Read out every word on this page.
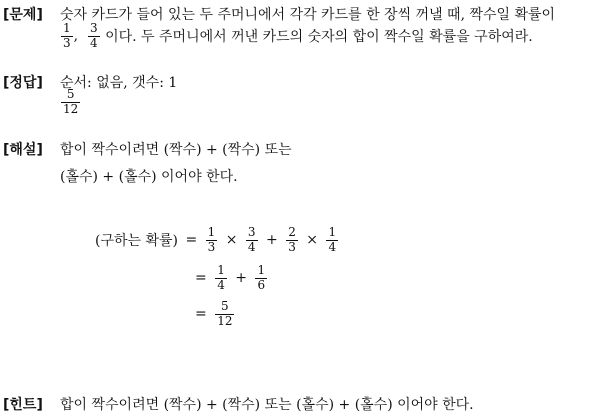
[문제] 숫자 카드가 들어 있는 두 주머니에서 각각 카드를 한 장씩 꺼낼 때, 짝수일 확률이
$\frac{1}{3}$ , $\frac{3}{4}$ 이다. 두 주머니에서 꺼낸 카드의 숫자의 합이 짝수일 확률을 구하여라.
[정답] 순서: 없음, 갯수: 1
$\frac{5}{12}$
[해설] 합이 짝수이려면 (짝수) + (짝수) 또는
(홀수) + (홀수) 이어야 한다.
(구하는 확률) = $\frac{1}{3} \times \frac{3}{4} + \frac{2}{3} \times \frac{1}{4}$
= $\frac{1}{4} + \frac{1}{6}$
= $\frac{5}{12}$
[힌트] 합이 짝수이려면 (짝수) + (짝수) 또는 (홀수) + (홀수) 이어야 한다.
